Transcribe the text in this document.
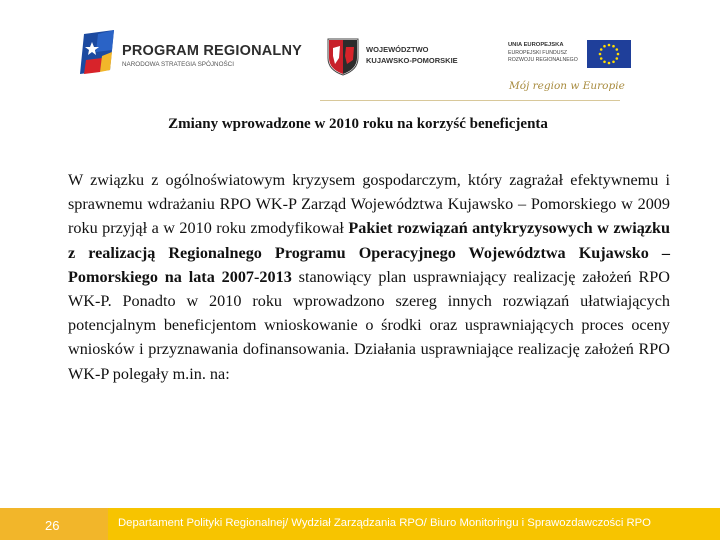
PROGRAM REGIONALNY
NARODOWA STRATEGIA SPÓJNOŚCI
WOJEWÓDZTWO
KUJAWSKO-POMORSKIE
UNIA EUROPEJSKA
EUROPEJSKI FUNDUSZ
ROZWOJU REGIONALNEGO
Mój region w Europie
Zmiany wprowadzone w 2010 roku na korzyść beneficjenta

W związku z ogólnoświatowym kryzysem gospodarczym, który zagrażał efektywnemu i sprawnemu wdrażaniu RPO WK-P Zarząd Województwa Kujawsko – Pomorskiego w 2009 roku przyjął a w 2010 roku zmodyfikował Pakiet rozwiązań antykryzysowych w związku z realizacją Regionalnego Programu Operacyjnego Województwa Kujawsko – Pomorskiego na lata 2007-2013 stanowiący plan usprawniający realizację założeń RPO WK-P. Ponadto w 2010 roku wprowadzono szereg innych rozwiązań ułatwiających potencjalnym beneficjentom wnioskowanie o środki oraz usprawniających proces oceny wniosków i przyznawania dofinansowania. Działania usprawniające realizację założeń RPO WK-P polegały m.in. na:

26	Departament Polityki Regionalnej/ Wydział Zarządzania RPO/ Biuro Monitoringu i Sprawozdawczości RPO
